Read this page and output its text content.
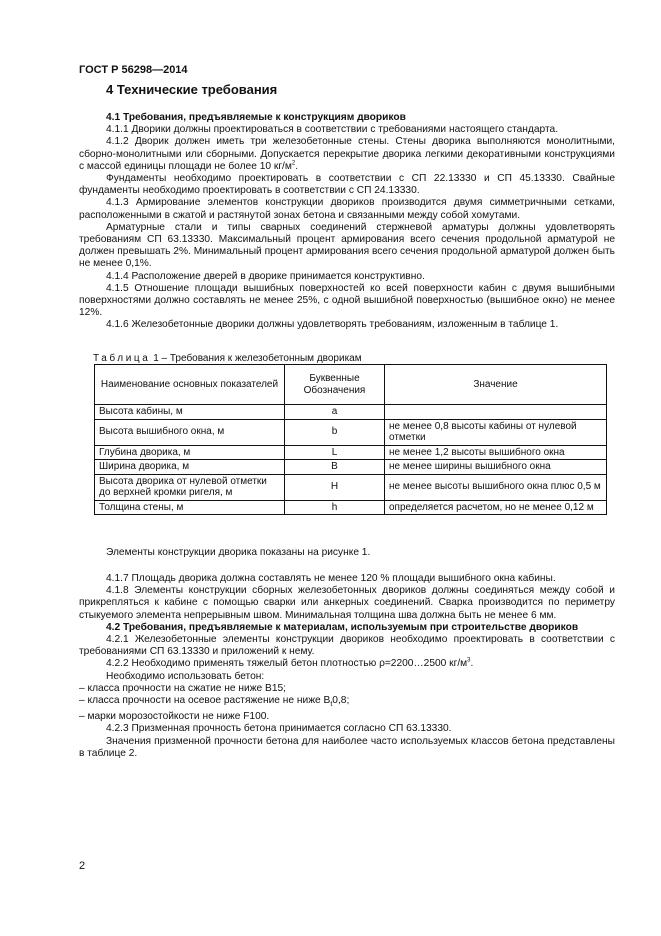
ГОСТ Р 56298—2014
4 Технические требования

4.1 Требования, предъявляемые к конструкциям двориков

4.1.1 Дворики должны проектироваться в соответствии с требованиями настоящего стандарта.

4.1.2 Дворик должен иметь три железобетонные стены. Стены дворика выполняются монолитными, сборно-монолитными или сборными. Допускается перекрытие дворика легкими декоративными конструкциями с массой единицы площади не более 10 $кг/м^2$.

Фундаменты необходимо проектировать в соответствии с СП 22.13330 и СП 45.13330. Свайные фундаменты необходимо проектировать в соответствии с СП 24.13330.

4.1.3 Армирование элементов конструкции двориков производится двумя симметричными сетками, расположенными в сжатой и растянутой зонах бетона и связанными между собой хомутами.

Арматурные стали и типы сварных соединений стержневой арматуры должны удовлетворять требованиям СП 63.13330. Максимальный процент армирования всего сечения продольной арматурой не должен превышать 2%. Минимальный процент армирования всего сечения продольной арматурой должен быть не менее 0,1%.

4.1.4 Расположение дверей в дворике принимается конструктивно.

4.1.5 Отношение площади вышибных поверхностей ко всей поверхности кабин с двумя вышибными поверхностями должно составлять не менее 25%, с одной вышибной поверхностью (вышибное окно) не менее 12%.

4.1.6 Железобетонные дворики должны удовлетворять требованиям, изложенным в таблице 1.

Таблица 1 – Требования к железобетонным дворикам
Наименование основных показателей	Буквенные Обозначения	Значение
Высота кабины, м	a	
Высота вышибного окна, м	b	не менее 0,8 высоты кабины от нулевой отметки
Глубина дворика, м	L	не менее 1,2 высоты вышибного окна
Ширина дворика, м	B	не менее ширины вышибного окна
Высота дворика от нулевой отметки до верхней кромки ригеля, м	H	не менее высоты вышибного окна плюс 0,5 м
Толщина стены, м	h	определяется расчетом, но не менее 0,12 м

Элементы конструкции дворика показаны на рисунке 1.

4.1.7 Площадь дворика должна составлять не менее 120 % площади вышибного окна кабины.

4.1.8 Элементы конструкции сборных железобетонных двориков должны соединяться между собой и прикрепляться к кабине с помощью сварки или анкерных соединений. Сварка производится по периметру стыкуемого элемента непрерывным швом. Минимальная толщина шва должна быть не менее 6 мм.

4.2 Требования, предъявляемые к материалам, используемым при строительстве двориков

4.2.1 Железобетонные элементы конструкции двориков необходимо проектировать в соответствии с требованиями СП 63.13330 и приложений к нему.

4.2.2 Необходимо применять тяжелый бетон плотностью ρ=2200…2500 $кг/м^3$.

Необходимо использовать бетон:

– класса прочности на сжатие не ниже B15;

– класса прочности на осевое растяжение не ниже $B_t0,8$;

– марки морозостойкости не ниже F100.

4.2.3 Призменная прочность бетона принимается согласно СП 63.13330.

Значения призменной прочности бетона для наиболее часто используемых классов бетона представлены в таблице 2.

2
